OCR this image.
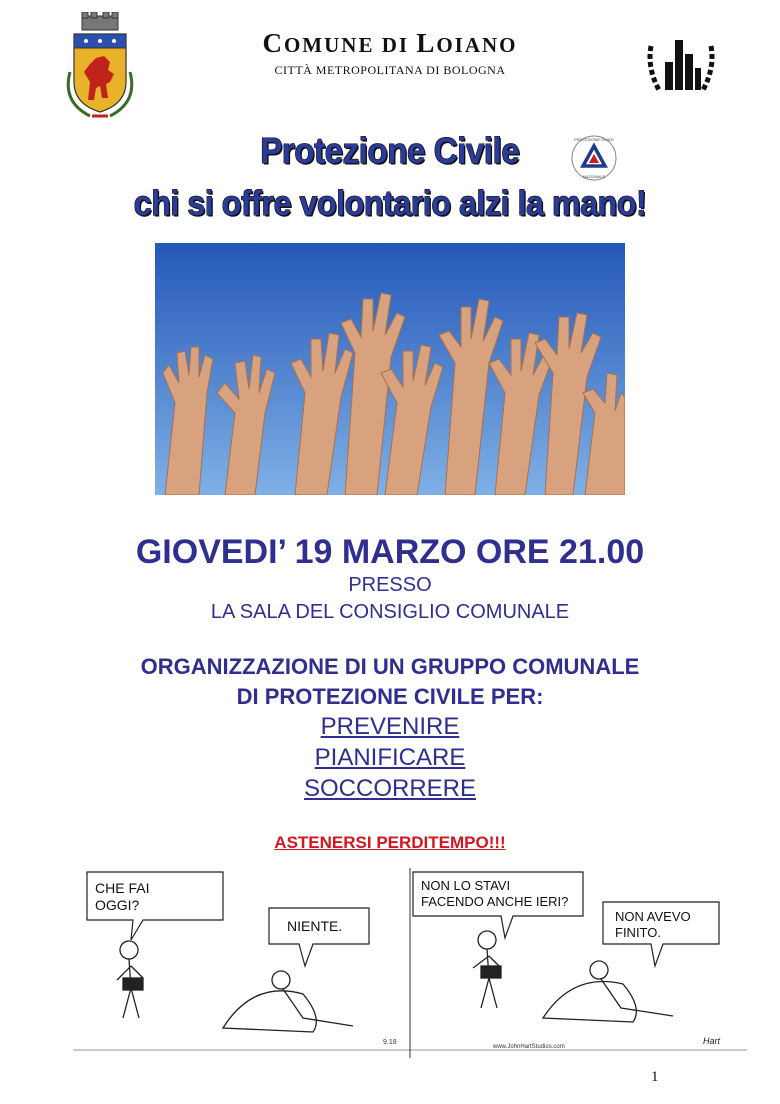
COMUNE DI LOIANO
CITTÀ METROPOLITANA DI BOLOGNA
Protezione Civile	PROTEZIONE CIVILE
NAZIONALE
chi si offre volontario alzi la mano!
GIOVEDI’ 19 MARZO ORE 21.00
PRESSO
LA SALA DEL CONSIGLIO COMUNALE
ORGANIZZAZIONE DI UN GRUPPO COMUNALE
DI PROTEZIONE CIVILE PER:
PREVENIRE
PIANIFICARE
SOCCORRERE
ASTENERSI PERDITEMPO!!!
CHE FAI
OGGI?
NIENTE.
9.18
NON LO STAVI
FACENDO ANCHE IERI?
NON AVEVO
FINITO.
www.JohnHartStudios.com
Hart
1
